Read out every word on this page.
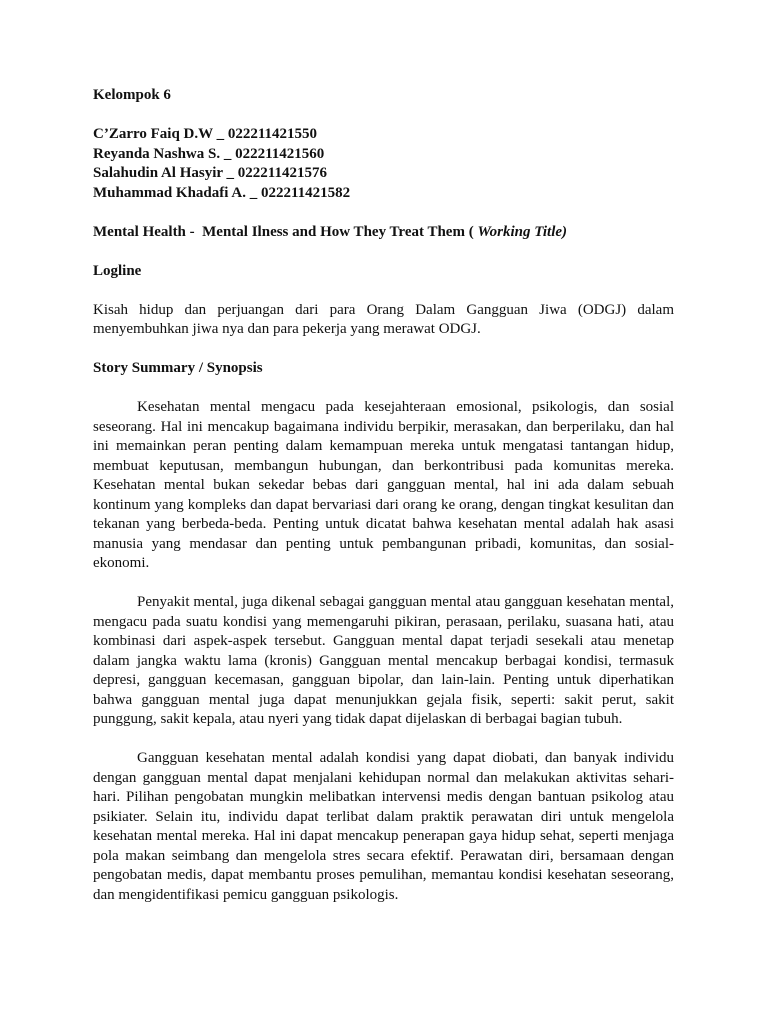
Kelompok 6
C’Zarro Faiq D.W _ 022211421550
Reyanda Nashwa S. _ 022211421560
Salahudin Al Hasyir _ 022211421576
Muhammad Khadafi A. _ 022211421582
Mental Health -  Mental Ilness and How They Treat Them ( Working Title)
Logline

Kisah hidup dan perjuangan dari para Orang Dalam Gangguan Jiwa (ODGJ) dalam menyembuhkan jiwa nya dan para pekerja yang merawat ODGJ.

Story Summary / Synopsis

Kesehatan mental mengacu pada kesejahteraan emosional, psikologis, dan sosial seseorang. Hal ini mencakup bagaimana individu berpikir, merasakan, dan berperilaku, dan hal ini memainkan peran penting dalam kemampuan mereka untuk mengatasi tantangan hidup, membuat keputusan, membangun hubungan, dan berkontribusi pada komunitas mereka. Kesehatan mental bukan sekedar bebas dari gangguan mental, hal ini ada dalam sebuah kontinum yang kompleks dan dapat bervariasi dari orang ke orang, dengan tingkat kesulitan dan tekanan yang berbeda-beda. Penting untuk dicatat bahwa kesehatan mental adalah hak asasi manusia yang mendasar dan penting untuk pembangunan pribadi, komunitas, dan sosial-ekonomi.

Penyakit mental, juga dikenal sebagai gangguan mental atau gangguan kesehatan mental, mengacu pada suatu kondisi yang memengaruhi pikiran, perasaan, perilaku, suasana hati, atau kombinasi dari aspek-aspek tersebut. Gangguan mental dapat terjadi sesekali atau menetap dalam jangka waktu lama (kronis) Gangguan mental mencakup berbagai kondisi, termasuk depresi, gangguan kecemasan, gangguan bipolar, dan lain-lain. Penting untuk diperhatikan bahwa gangguan mental juga dapat menunjukkan gejala fisik, seperti: sakit perut, sakit punggung, sakit kepala, atau nyeri yang tidak dapat dijelaskan di berbagai bagian tubuh.

Gangguan kesehatan mental adalah kondisi yang dapat diobati, dan banyak individu dengan gangguan mental dapat menjalani kehidupan normal dan melakukan aktivitas sehari-hari. Pilihan pengobatan mungkin melibatkan intervensi medis dengan bantuan psikolog atau psikiater. Selain itu, individu dapat terlibat dalam praktik perawatan diri untuk mengelola kesehatan mental mereka. Hal ini dapat mencakup penerapan gaya hidup sehat, seperti menjaga pola makan seimbang dan mengelola stres secara efektif. Perawatan diri, bersamaan dengan pengobatan medis, dapat membantu proses pemulihan, memantau kondisi kesehatan seseorang, dan mengidentifikasi pemicu gangguan psikologis.
